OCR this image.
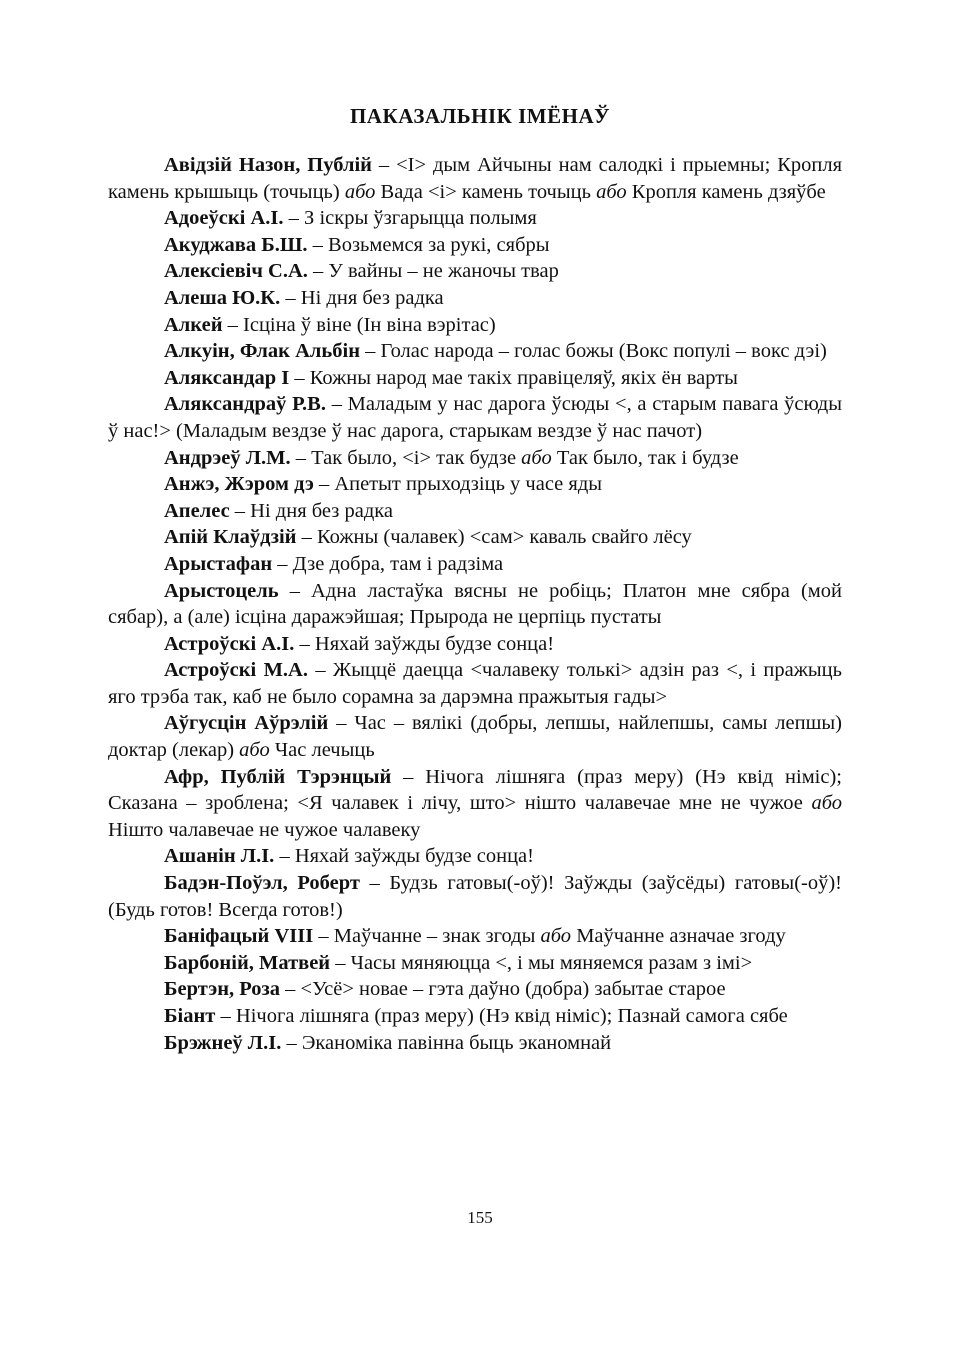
ПАКАЗАЛЬНІК ІМЁНАЎ

Авідзій Назон, Публій – <І> дым Айчыны нам салодкі і прыемны; Кропля камень крышыць (точыць) або Вада <і> камень точыць або Кропля камень дзяўбе

Адоеўскі А.І. – З іскры ўзгарыцца полымя

Акуджава Б.Ш. – Возьмемся за рукі, сябры

Алексіевіч С.А. – У вайны – не жаночы твар

Алеша Ю.К. – Ні дня без радка

Алкей – Ісціна ў віне (Ін віна вэрітас)

Алкуін, Флак Альбін – Голас народа – голас божы (Вокс популі – вокс дэі)

Аляксандар І – Кожны народ мае такіх правіцеляў, якіх ён варты

Аляксандраў Р.В. – Маладым у нас дарога ўсюды <, а старым павага ўсюды ў нас!> (Маладым вездзе ў нас дарога, старыкам вездзе ў нас пачот)

Андрэеў Л.М. – Так было, <і> так будзе або Так было, так і будзе

Анжэ, Жэром дэ – Апетыт прыходзіць у часе яды

Апелес – Ні дня без радка

Апій Клаўдзій – Кожны (чалавек) <сам> каваль свайго лёсу

Арыстафан – Дзе добра, там і радзіма

Арыстоцель – Адна ластаўка вясны не робіць; Платон мне сябра (мой сябар), а (але) ісціна даражэйшая; Прырода не церпіць пустаты

Астроўскі А.І. – Няхай заўжды будзе сонца!

Астроўскі М.А. – Жыццё даецца <чалавеку толькі> адзін раз <, і пражыць яго трэба так, каб не было сорамна за дарэмна пражытыя гады>

Аўгусцін Аўрэлій – Час – вялікі (добры, лепшы, найлепшы, самы лепшы) доктар (лекар) або Час лечыць

Афр, Публій Тэрэнцый – Нічога лішняга (праз меру) (Нэ квід німіс); Сказана – зроблена; <Я чалавек і лічу, што> нішто чалавечае мне не чужое або Нішто чалавечае не чужое чалавеку

Ашанін Л.І. – Няхай заўжды будзе сонца!

Бадэн-Поўэл, Роберт – Будзь гатовы(-оў)! Заўжды (заўсёды) гатовы(-оў)! (Будь готов! Всегда готов!)

Баніфацый VIII – Маўчанне – знак згоды або Маўчанне азначае згоду

Барбоній, Матвей – Часы мяняюцца <, і мы мяняемся разам з імі>

Бертэн, Роза – <Усё> новае – гэта даўно (добра) забытае старое

Біант – Нічога лішняга (праз меру) (Нэ квід німіс); Пазнай самога сябе

Брэжнеў Л.І. – Эканоміка павінна быць эканомнай

155
